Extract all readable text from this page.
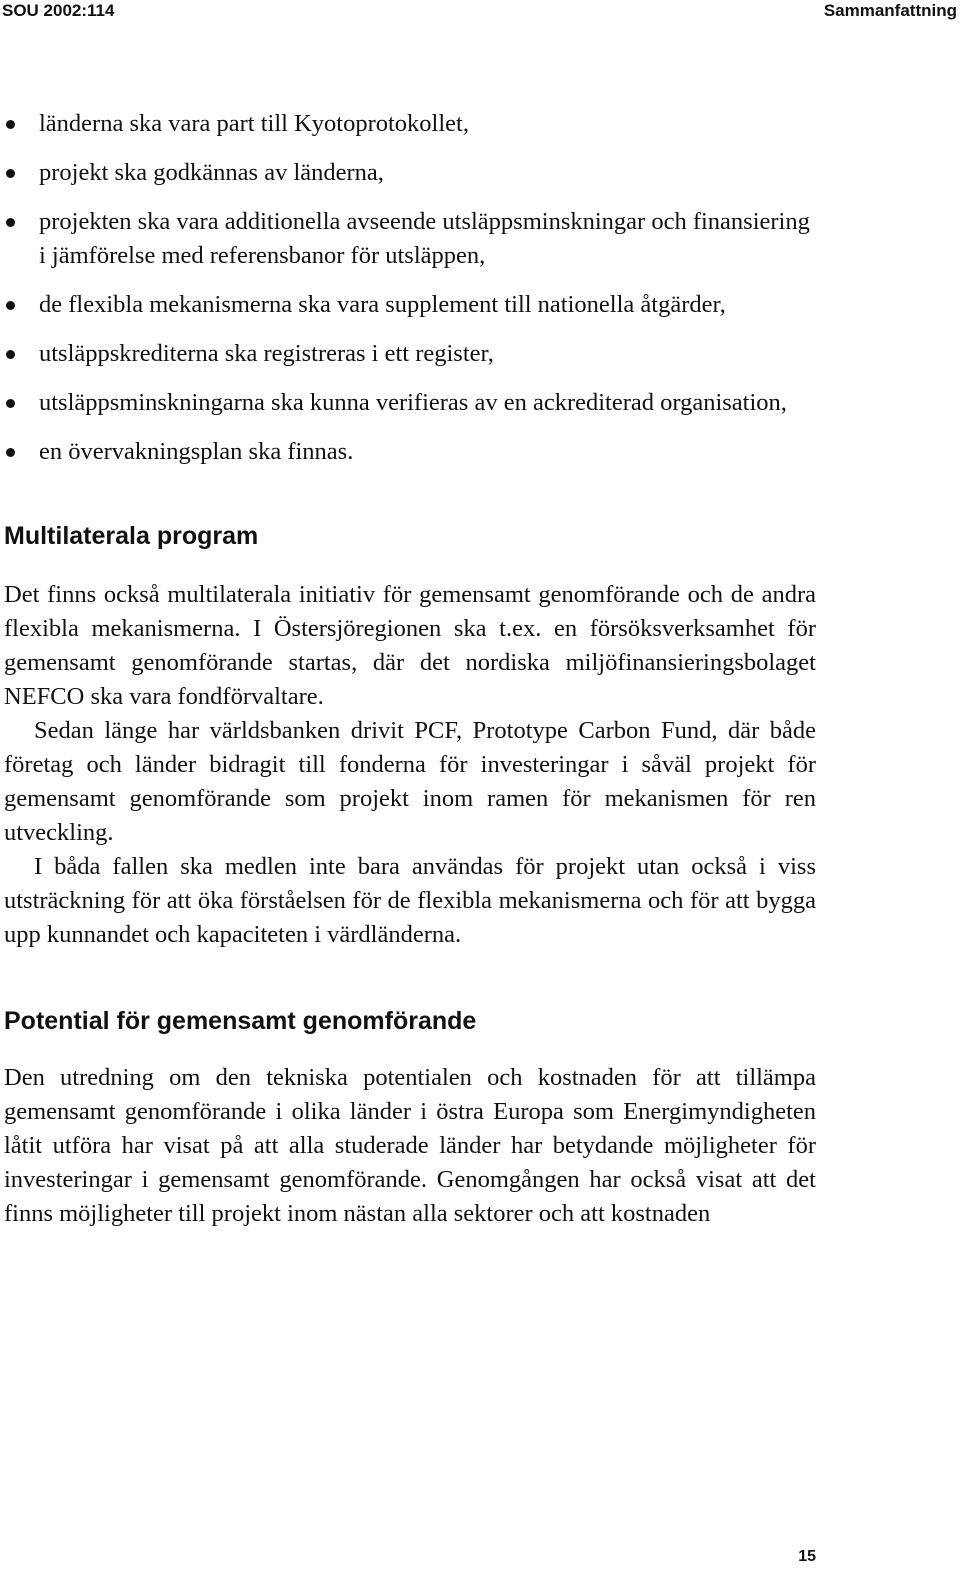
SOU 2002:114	Sammanfattning
länderna ska vara part till Kyotoprotokollet,
projekt ska godkännas av länderna,
projekten ska vara additionella avseende utsläppsminskningar och finansiering i jämförelse med referensbanor för utsläppen,
de flexibla mekanismerna ska vara supplement till nationella åtgärder,
utsläppskrediterna ska registreras i ett register,
utsläppsminskningarna ska kunna verifieras av en ackrediterad organisation,
en övervakningsplan ska finnas.
Multilaterala program

Det finns också multilaterala initiativ för gemensamt genomförande och de andra flexibla mekanismerna. I Östersjöregionen ska t.ex. en försöksverksamhet för gemensamt genomförande startas, där det nordiska miljöfinansieringsbolaget NEFCO ska vara fondförvaltare.

Sedan länge har världsbanken drivit PCF, Prototype Carbon Fund, där både företag och länder bidragit till fonderna för investeringar i såväl projekt för gemensamt genomförande som projekt inom ramen för mekanismen för ren utveckling.

I båda fallen ska medlen inte bara användas för projekt utan också i viss utsträckning för att öka förståelsen för de flexibla mekanismerna och för att bygga upp kunnandet och kapaciteten i värdländerna.

Potential för gemensamt genomförande

Den utredning om den tekniska potentialen och kostnaden för att tillämpa gemensamt genomförande i olika länder i östra Europa som Energimyndigheten låtit utföra har visat på att alla studerade länder har betydande möjligheter för investeringar i gemensamt genomförande. Genomgången har också visat att det finns möjligheter till projekt inom nästan alla sektorer och att kostnaden

15
